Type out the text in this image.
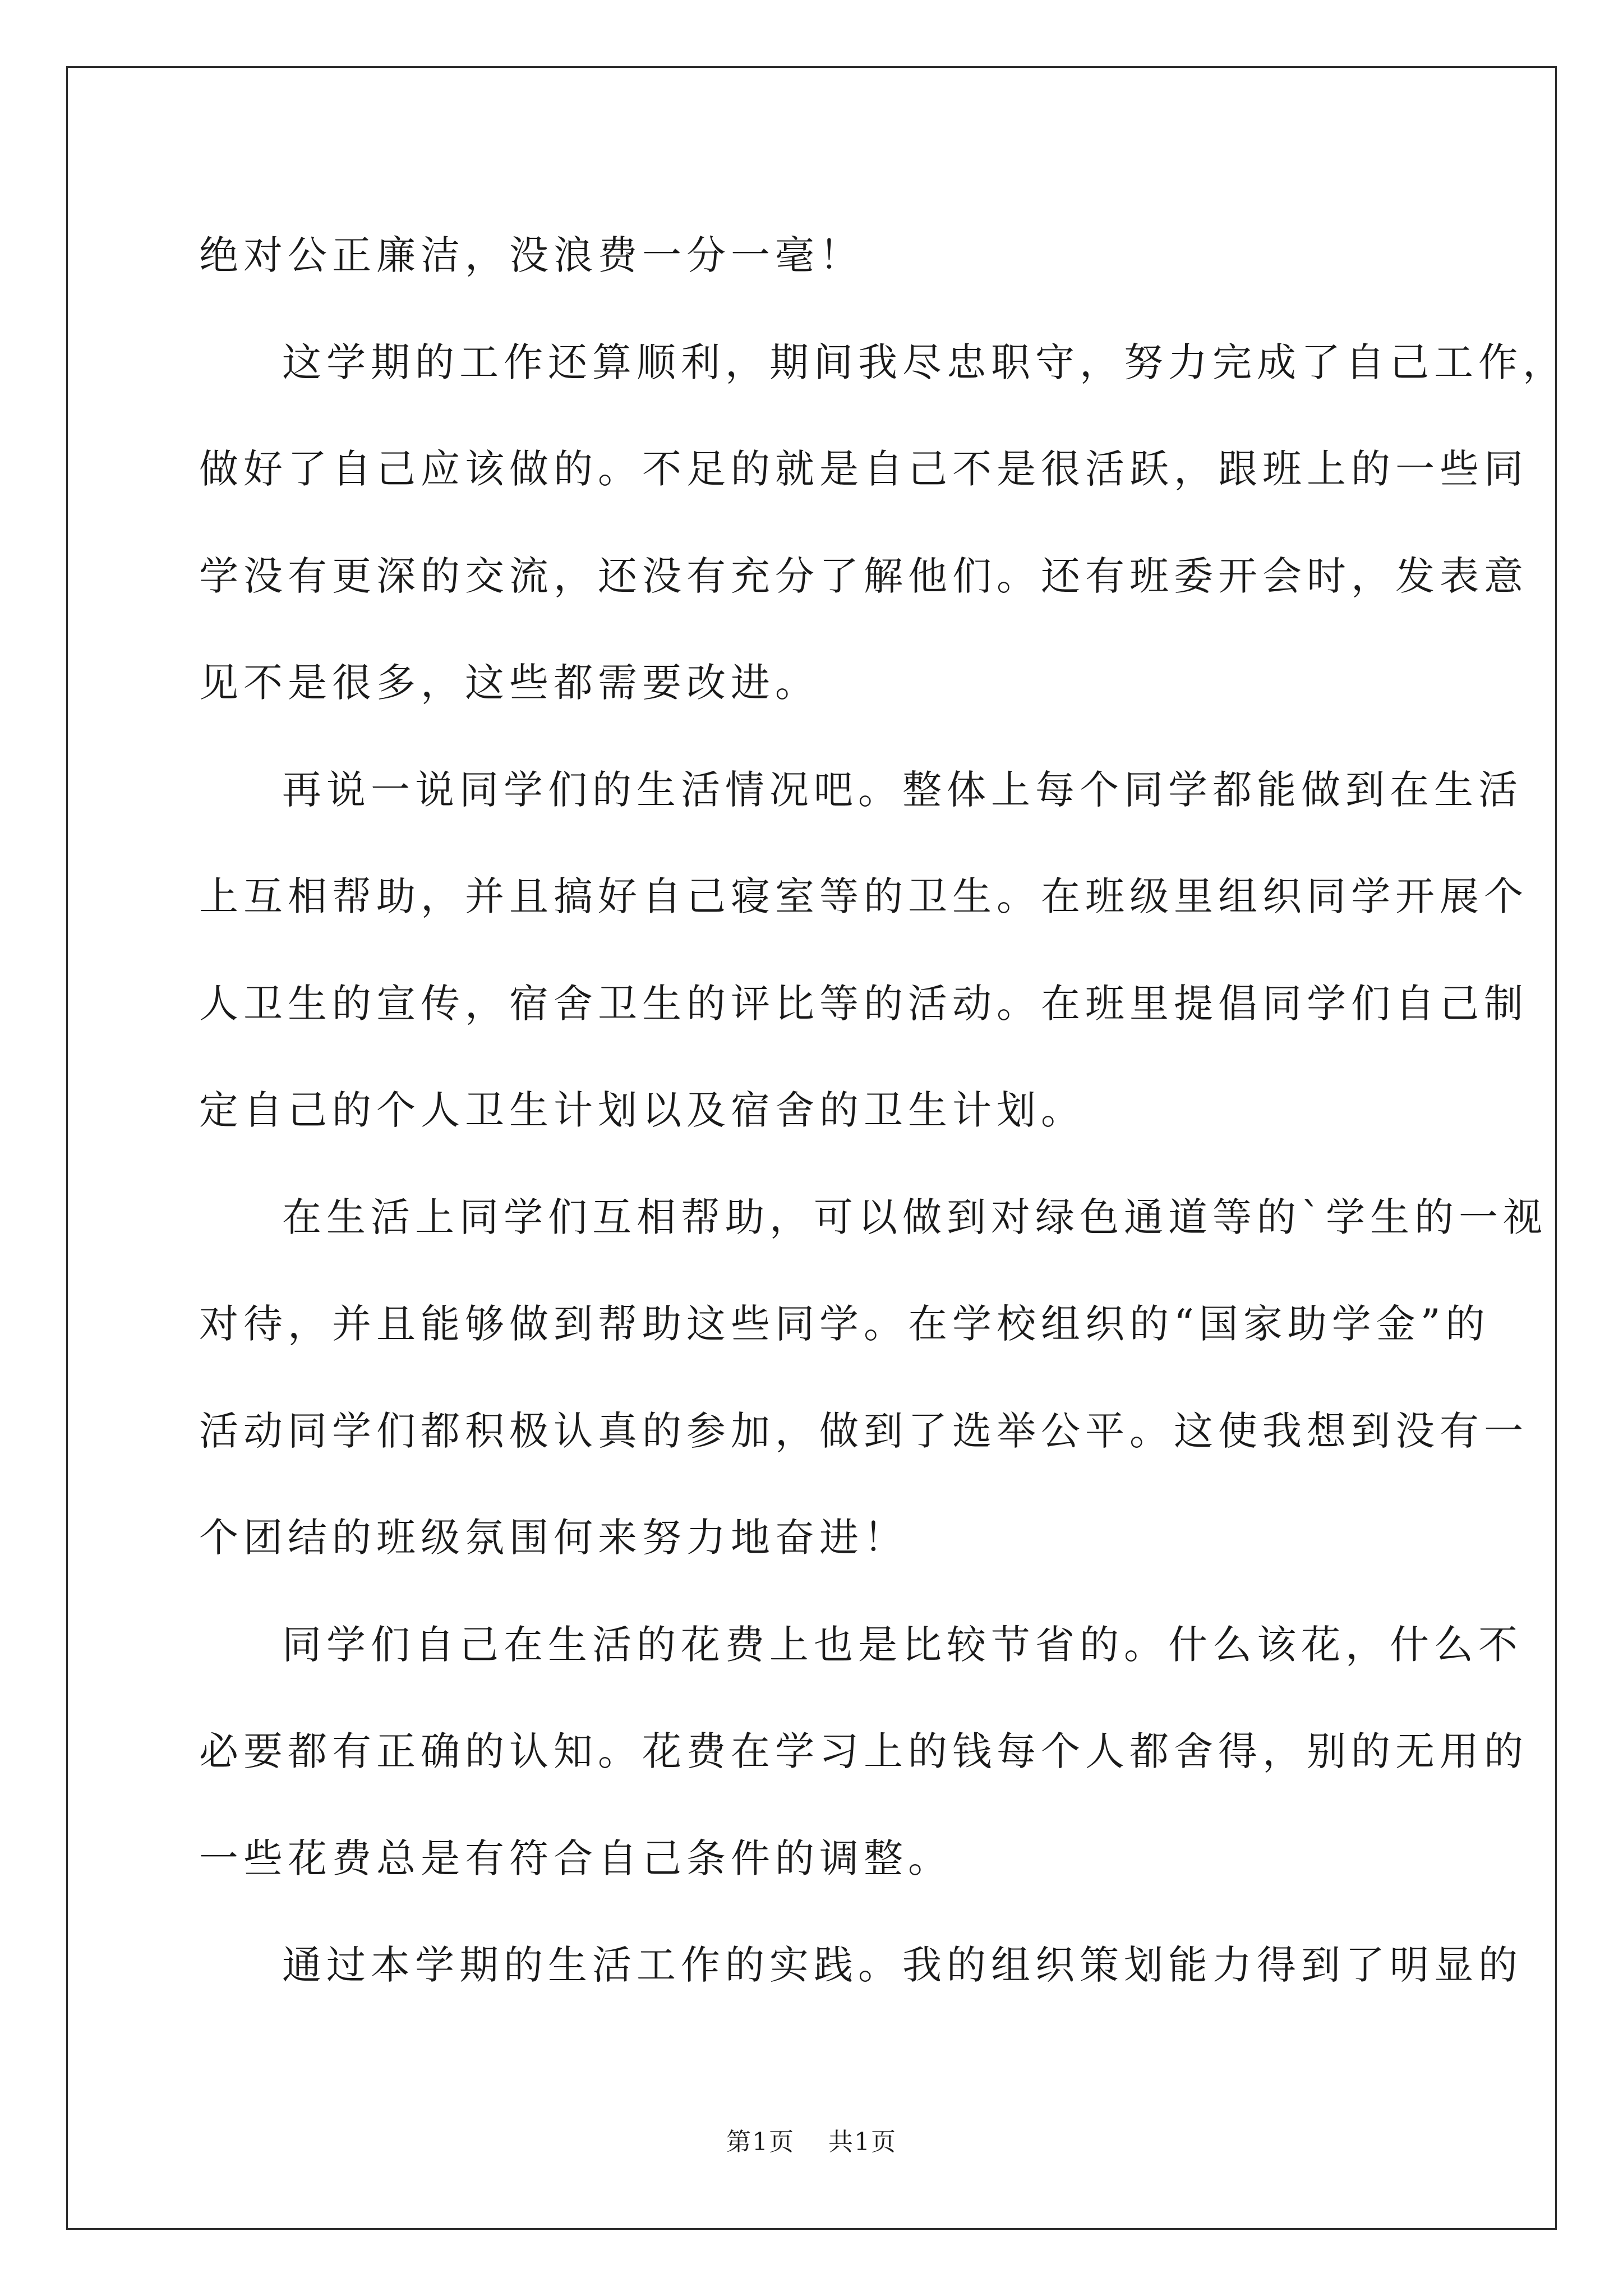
绝对公正廉洁，没浪费一分一毫！
这学期的工作还算顺利，期间我尽忠职守，努力完成了自己工作，
做好了自己应该做的。不足的就是自己不是很活跃，跟班上的一些同
学没有更深的交流，还没有充分了解他们。还有班委开会时，发表意
见不是很多，这些都需要改进。
再说一说同学们的生活情况吧。整体上每个同学都能做到在生活
上互相帮助，并且搞好自己寝室等的卫生。在班级里组织同学开展个
人卫生的宣传，宿舍卫生的评比等的活动。在班里提倡同学们自己制
定自己的个人卫生计划以及宿舍的卫生计划。
在生活上同学们互相帮助，可以做到对绿色通道等的`学生的一视
对待，并且能够做到帮助这些同学。在学校组织的“国家助学金”的
活动同学们都积极认真的参加，做到了选举公平。这使我想到没有一
个团结的班级氛围何来努力地奋进！
同学们自己在生活的花费上也是比较节省的。什么该花，什么不
必要都有正确的认知。花费在学习上的钱每个人都舍得，别的无用的
一些花费总是有符合自己条件的调整。
通过本学期的生活工作的实践。我的组织策划能力得到了明显的
第1页 共1页
